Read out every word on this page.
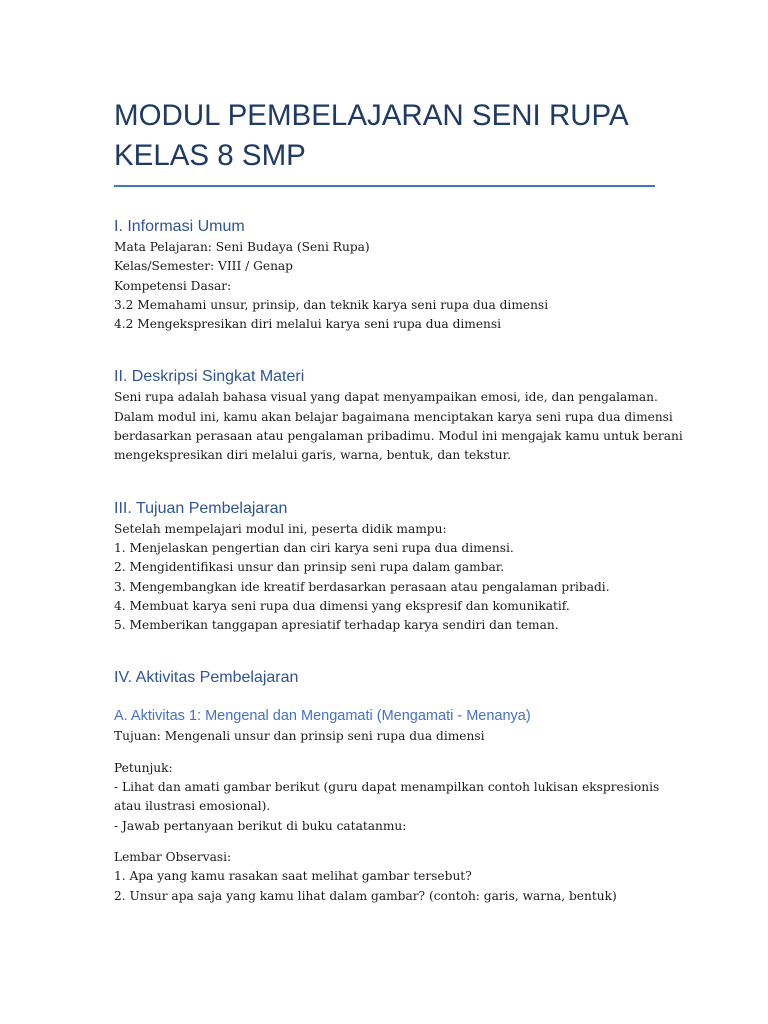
MODUL PEMBELAJARAN SENI RUPA
KELAS 8 SMP
I. Informasi Umum
Mata Pelajaran: Seni Budaya (Seni Rupa)
Kelas/Semester: VIII / Genap
Kompetensi Dasar:
3.2 Memahami unsur, prinsip, dan teknik karya seni rupa dua dimensi
4.2 Mengekspresikan diri melalui karya seni rupa dua dimensi
II. Deskripsi Singkat Materi
Seni rupa adalah bahasa visual yang dapat menyampaikan emosi, ide, dan pengalaman.
Dalam modul ini, kamu akan belajar bagaimana menciptakan karya seni rupa dua dimensi
berdasarkan perasaan atau pengalaman pribadimu. Modul ini mengajak kamu untuk berani
mengekspresikan diri melalui garis, warna, bentuk, dan tekstur.
III. Tujuan Pembelajaran
Setelah mempelajari modul ini, peserta didik mampu:
1. Menjelaskan pengertian dan ciri karya seni rupa dua dimensi.
2. Mengidentifikasi unsur dan prinsip seni rupa dalam gambar.
3. Mengembangkan ide kreatif berdasarkan perasaan atau pengalaman pribadi.
4. Membuat karya seni rupa dua dimensi yang ekspresif dan komunikatif.
5. Memberikan tanggapan apresiatif terhadap karya sendiri dan teman.
IV. Aktivitas Pembelajaran
A. Aktivitas 1: Mengenal dan Mengamati (Mengamati - Menanya)
Tujuan: Mengenali unsur dan prinsip seni rupa dua dimensi
Petunjuk:
- Lihat dan amati gambar berikut (guru dapat menampilkan contoh lukisan ekspresionis
atau ilustrasi emosional).
- Jawab pertanyaan berikut di buku catatanmu:
Lembar Observasi:
1. Apa yang kamu rasakan saat melihat gambar tersebut?
2. Unsur apa saja yang kamu lihat dalam gambar? (contoh: garis, warna, bentuk)
